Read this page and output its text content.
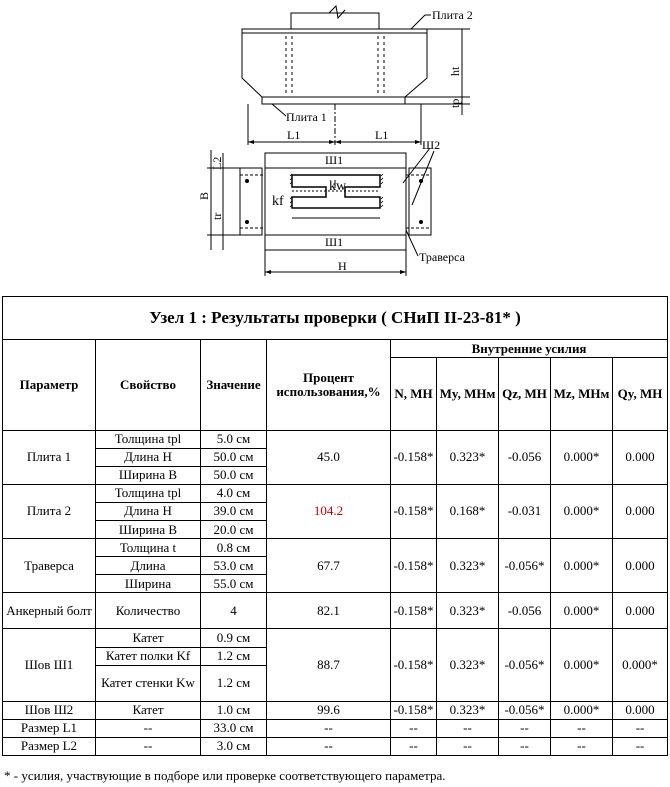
Плита 2
Плита 1
ht
tp
L1	L1
Ш1
Ш1
Ш2
kw
kf
L2
B
tr
Траверса
H
Узел 1 : Результаты проверки ( СНиП II-23-81* )								
Параметр	Свойство	Значение	Процент использования,%	Внутренние усилия				
				N, МН	My, МНм	Qz, МН	Mz, МНм	Qy, МН
Плита 1	Толщина tpl	5.0 см	45.0	-0.158*	0.323*	-0.056	0.000*	0.000
	Длина H	50.0 см						
	Ширина B	50.0 см						
Плита 2	Толщина tpl	4.0 см	104.2	-0.158*	0.168*	-0.031	0.000*	0.000
	Длина H	39.0 см						
	Ширина B	20.0 см						
Траверса	Толщина t	0.8 см	67.7	-0.158*	0.323*	-0.056*	0.000*	0.000
	Длина	53.0 см						
	Ширина	55.0 см						
Анкерный болт	Количество	4	82.1	-0.158*	0.323*	-0.056	0.000*	0.000
Шов Ш1	Катет	0.9 см	88.7	-0.158*	0.323*	-0.056*	0.000*	0.000*
	Катет полки Kf	1.2 см						
	Катет стенки Kw	1.2 см						
Шов Ш2	Катет	1.0 см	99.6	-0.158*	0.323*	-0.056*	0.000*	0.000
Размер L1	--	33.0 см	--	--	--	--	--	--
Размер L2	--	3.0 см	--	--	--	--	--	--
* - усилия, участвующие в подборе или проверке соответствующего параметра.
